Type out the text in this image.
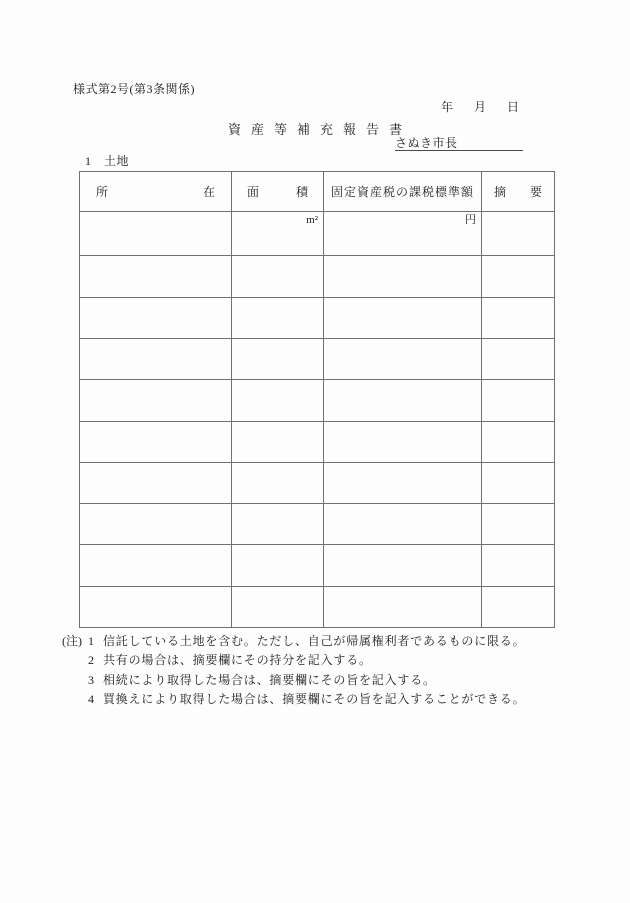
様式第2号(第3条関係)
年 月 日
資産等補充報告書
さぬき市長
1　土地
所 在	面 積	固定資産税の課税標準額	摘 要

	m²	円	

(注) 1 信託している土地を含む。ただし、自己が帰属権利者であるものに限る。
2 共有の場合は、摘要欄にその持分を記入する。
3 相続により取得した場合は、摘要欄にその旨を記入する。
4 買換えにより取得した場合は、摘要欄にその旨を記入することができる。
